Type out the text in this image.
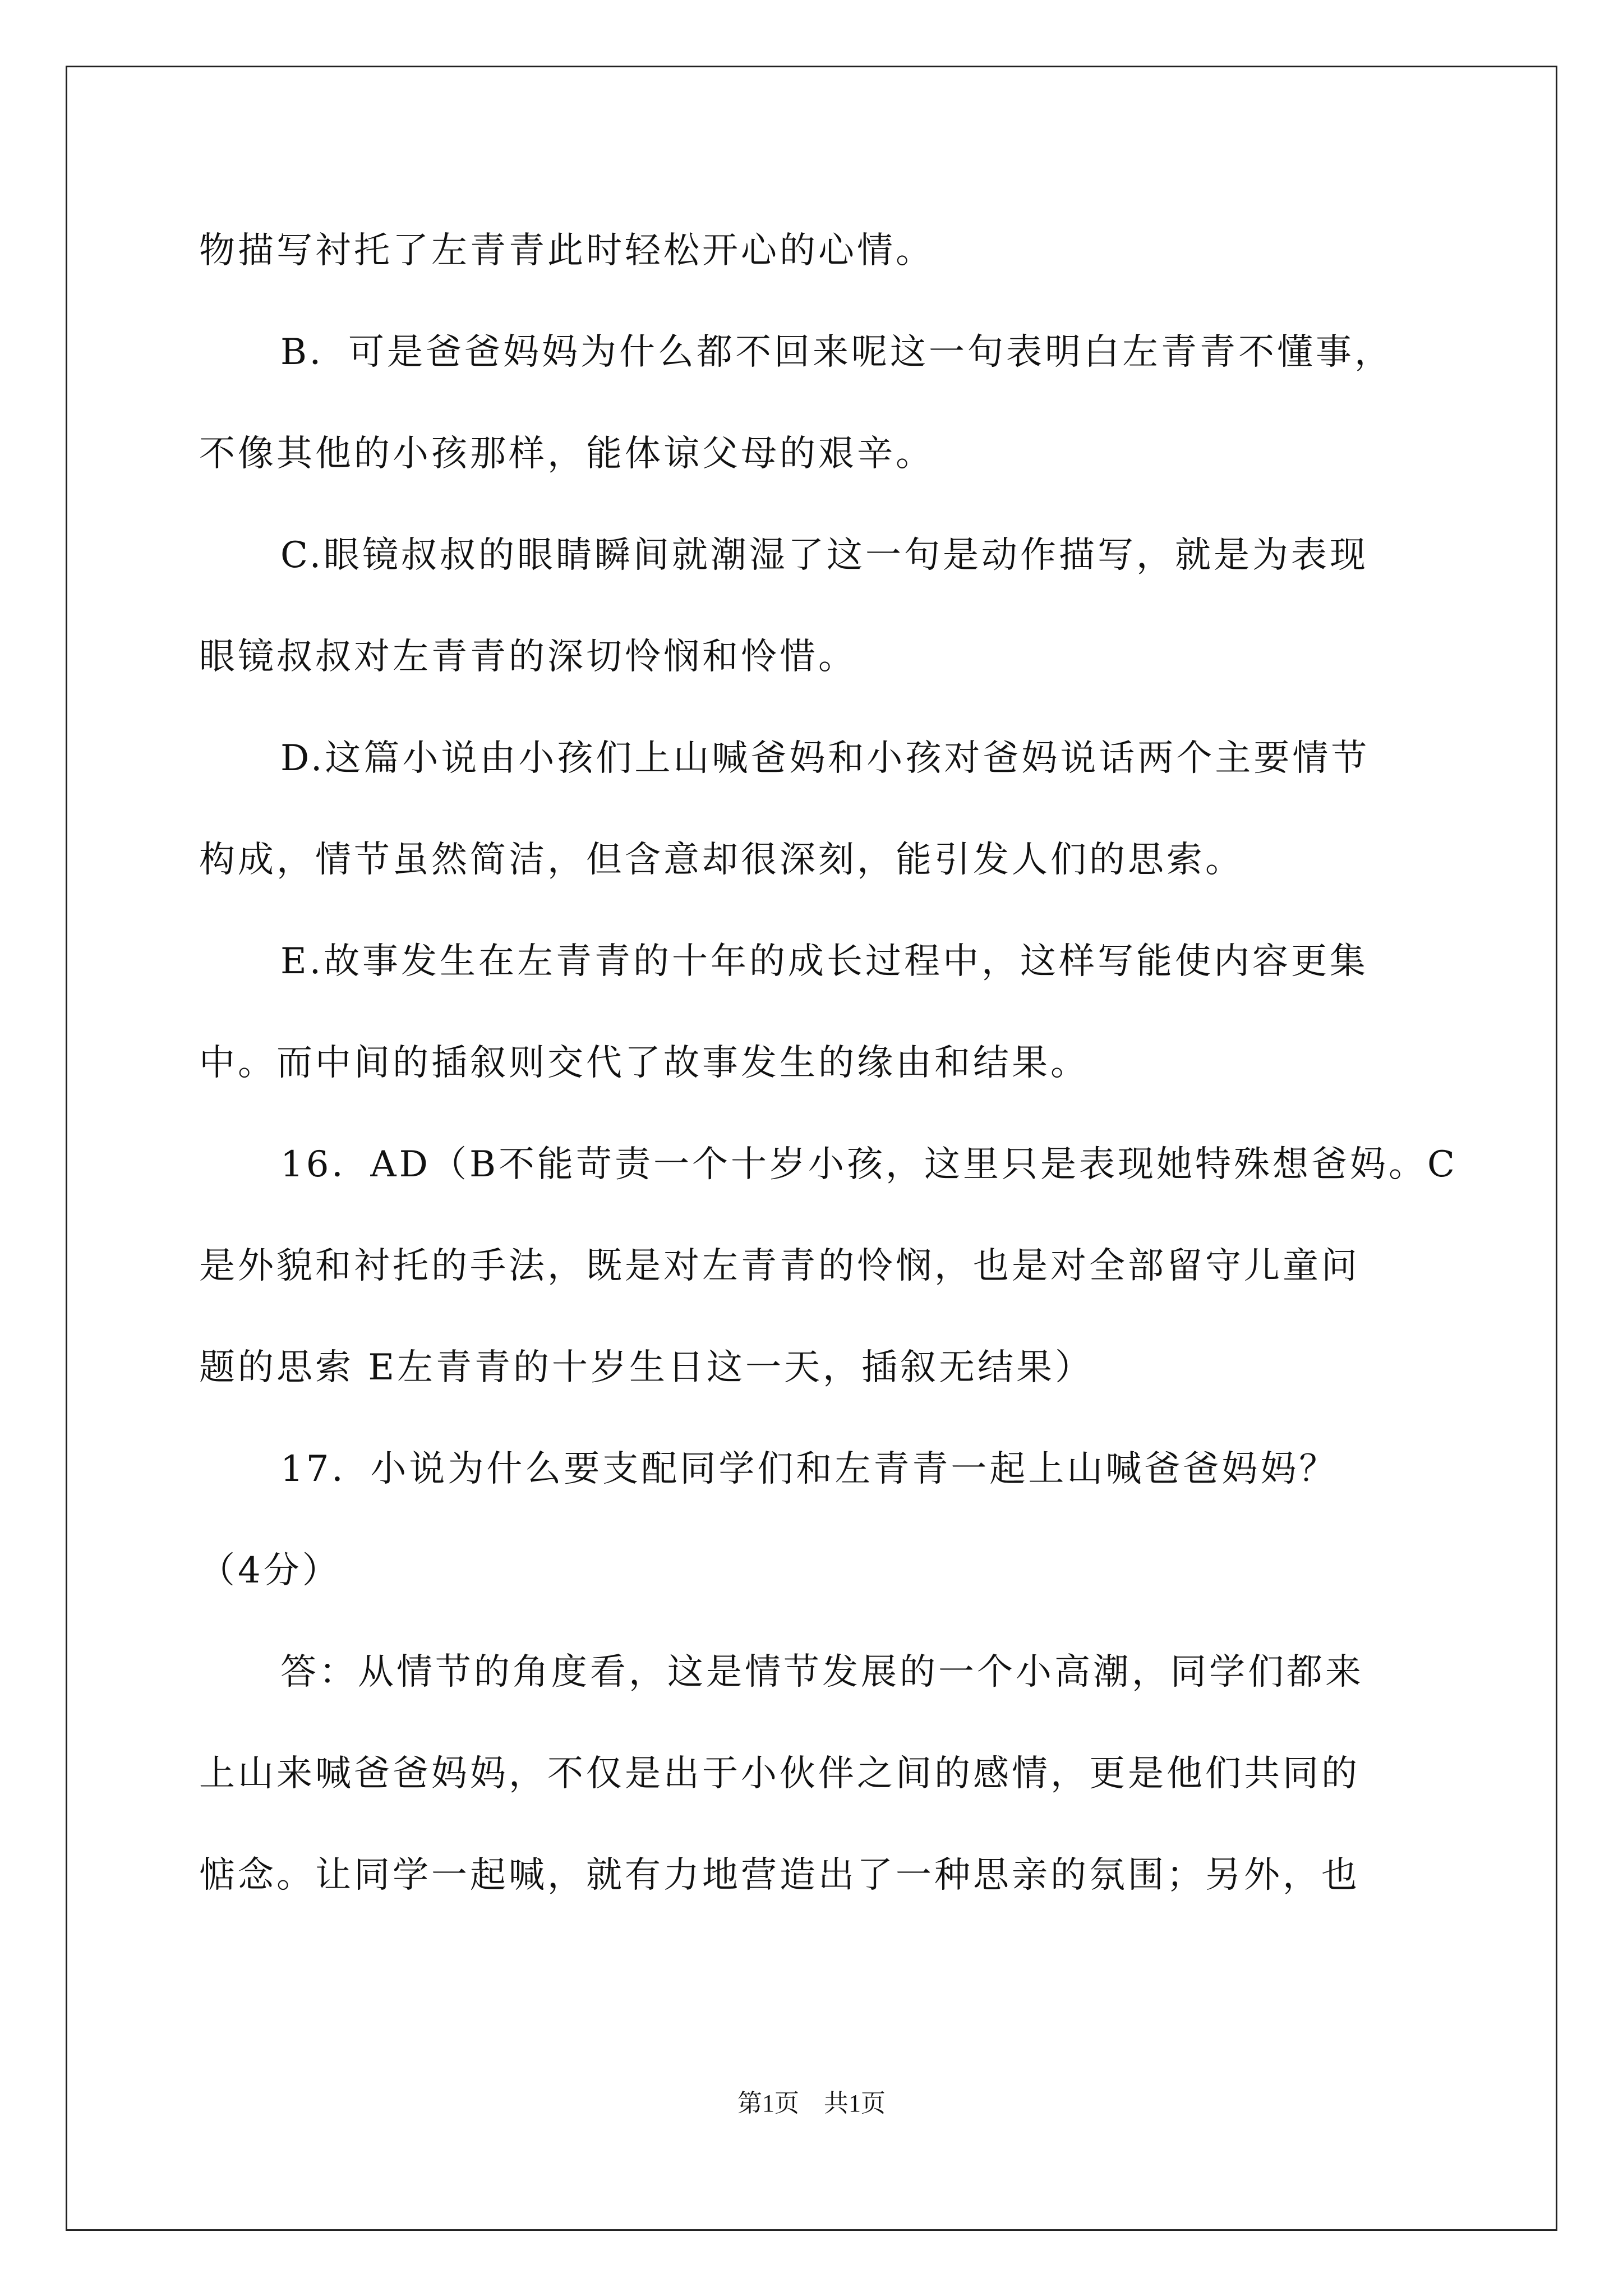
物描写衬托了左青青此时轻松开心的心情。
B．可是爸爸妈妈为什么都不回来呢这一句表明白左青青不懂事，
不像其他的小孩那样，能体谅父母的艰辛。
C.眼镜叔叔的眼睛瞬间就潮湿了这一句是动作描写，就是为表现
眼镜叔叔对左青青的深切怜悯和怜惜。
D.这篇小说由小孩们上山喊爸妈和小孩对爸妈说话两个主要情节
构成，情节虽然简洁，但含意却很深刻，能引发人们的思索。
E.故事发生在左青青的十年的成长过程中，这样写能使内容更集
中。而中间的插叙则交代了故事发生的缘由和结果。
16．AD（B不能苛责一个十岁小孩，这里只是表现她特殊想爸妈。C
是外貌和衬托的手法，既是对左青青的怜悯，也是对全部留守儿童问
题的思索 E左青青的十岁生日这一天，插叙无结果）
17．小说为什么要支配同学们和左青青一起上山喊爸爸妈妈？
（4分）
答：从情节的角度看，这是情节发展的一个小高潮，同学们都来
上山来喊爸爸妈妈，不仅是出于小伙伴之间的感情，更是他们共同的
惦念。让同学一起喊，就有力地营造出了一种思亲的氛围；另外，也
第1页　共1页
